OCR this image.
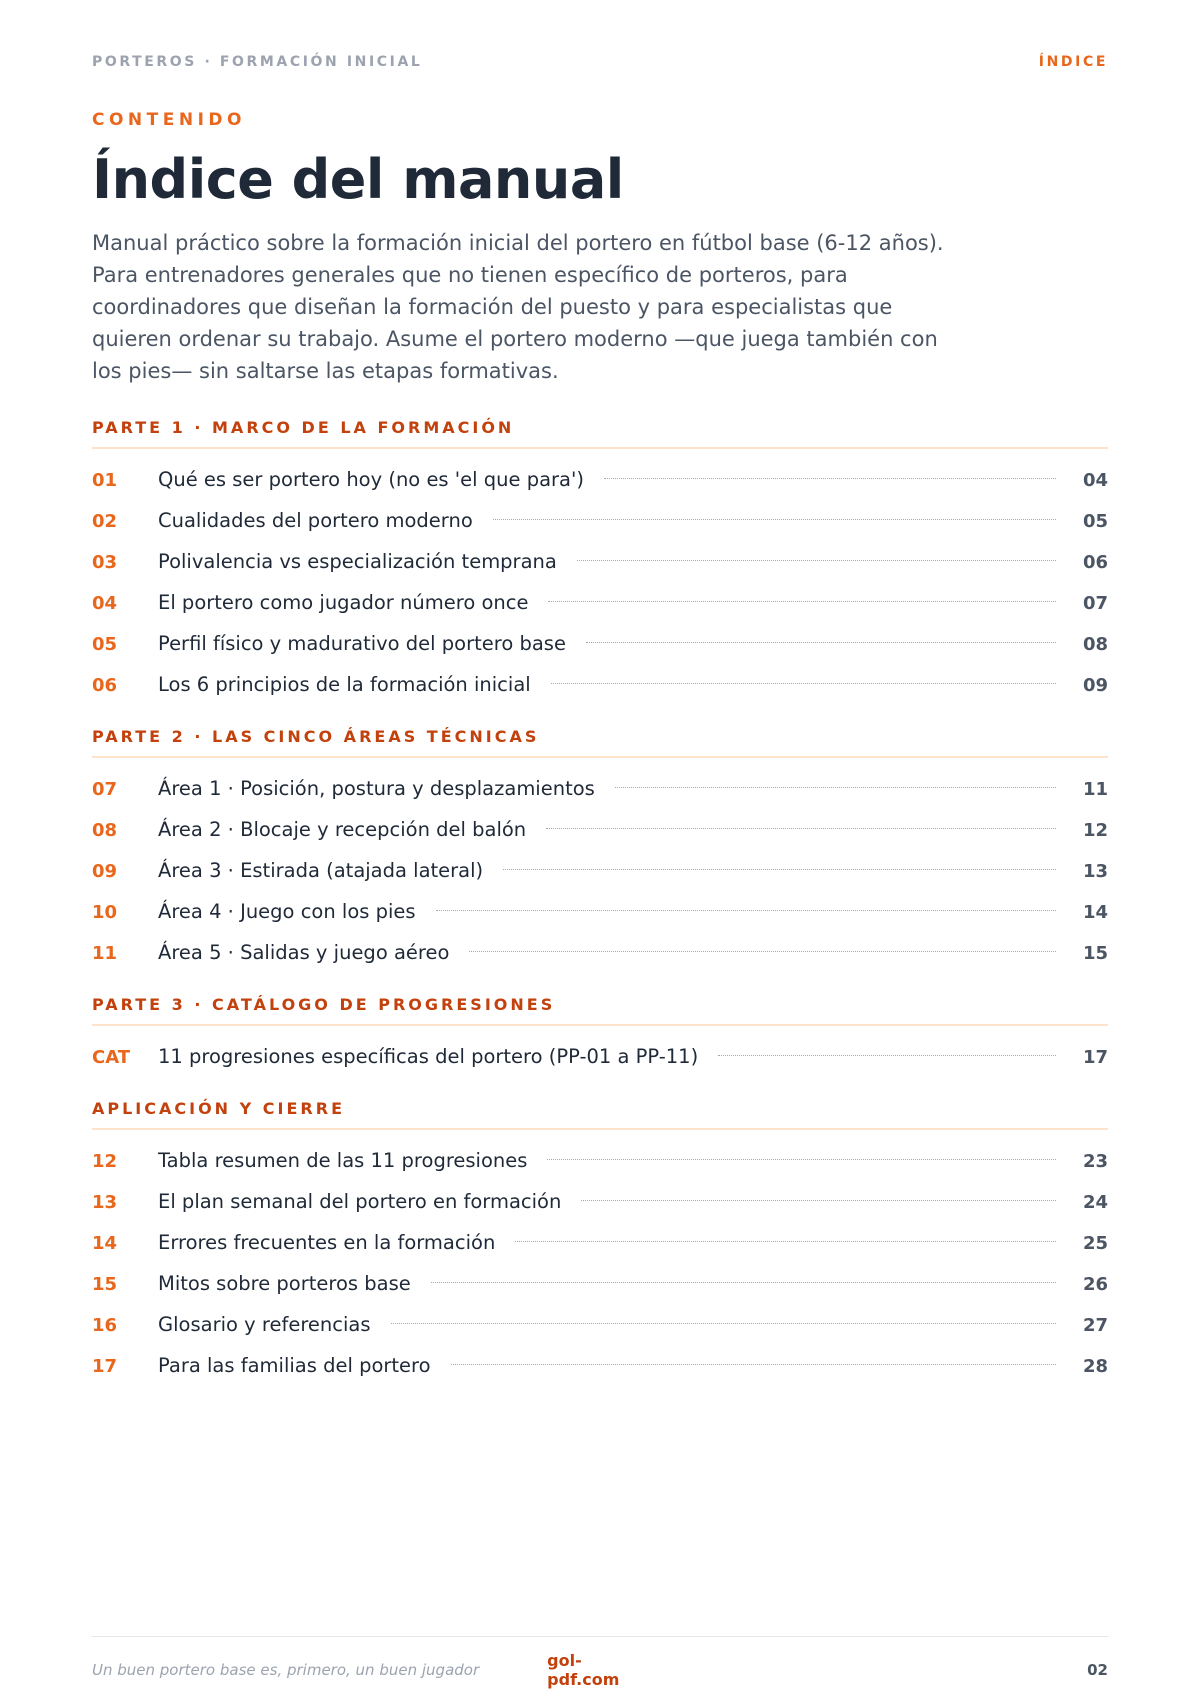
PORTEROS · FORMACIÓN INICIAL	ÍNDICE
CONTENIDO
Índice del manual

Manual práctico sobre la formación inicial del portero en fútbol base (6-12 años). Para entrenadores generales que no tienen específico de porteros, para coordinadores que diseñan la formación del puesto y para especialistas que quieren ordenar su trabajo. Asume el portero moderno —que juega también con los pies— sin saltarse las etapas formativas.

PARTE 1 · MARCO DE LA FORMACIÓN
01	Qué es ser portero hoy (no es 'el que para')	04
02	Cualidades del portero moderno	05
03	Polivalencia vs especialización temprana	06
04	El portero como jugador número once	07
05	Perfil físico y madurativo del portero base	08
06	Los 6 principios de la formación inicial	09
PARTE 2 · LAS CINCO ÁREAS TÉCNICAS
07	Área 1 · Posición, postura y desplazamientos	11
08	Área 2 · Blocaje y recepción del balón	12
09	Área 3 · Estirada (atajada lateral)	13
10	Área 4 · Juego con los pies	14
11	Área 5 · Salidas y juego aéreo	15
PARTE 3 · CATÁLOGO DE PROGRESIONES
CAT	11 progresiones específicas del portero (PP-01 a PP-11)	17
APLICACIÓN Y CIERRE
12	Tabla resumen de las 11 progresiones	23
13	El plan semanal del portero en formación	24
14	Errores frecuentes en la formación	25
15	Mitos sobre porteros base	26
16	Glosario y referencias	27
17	Para las familias del portero	28
Un buen portero base es, primero, un buen jugador	gol-pdf.com	02
